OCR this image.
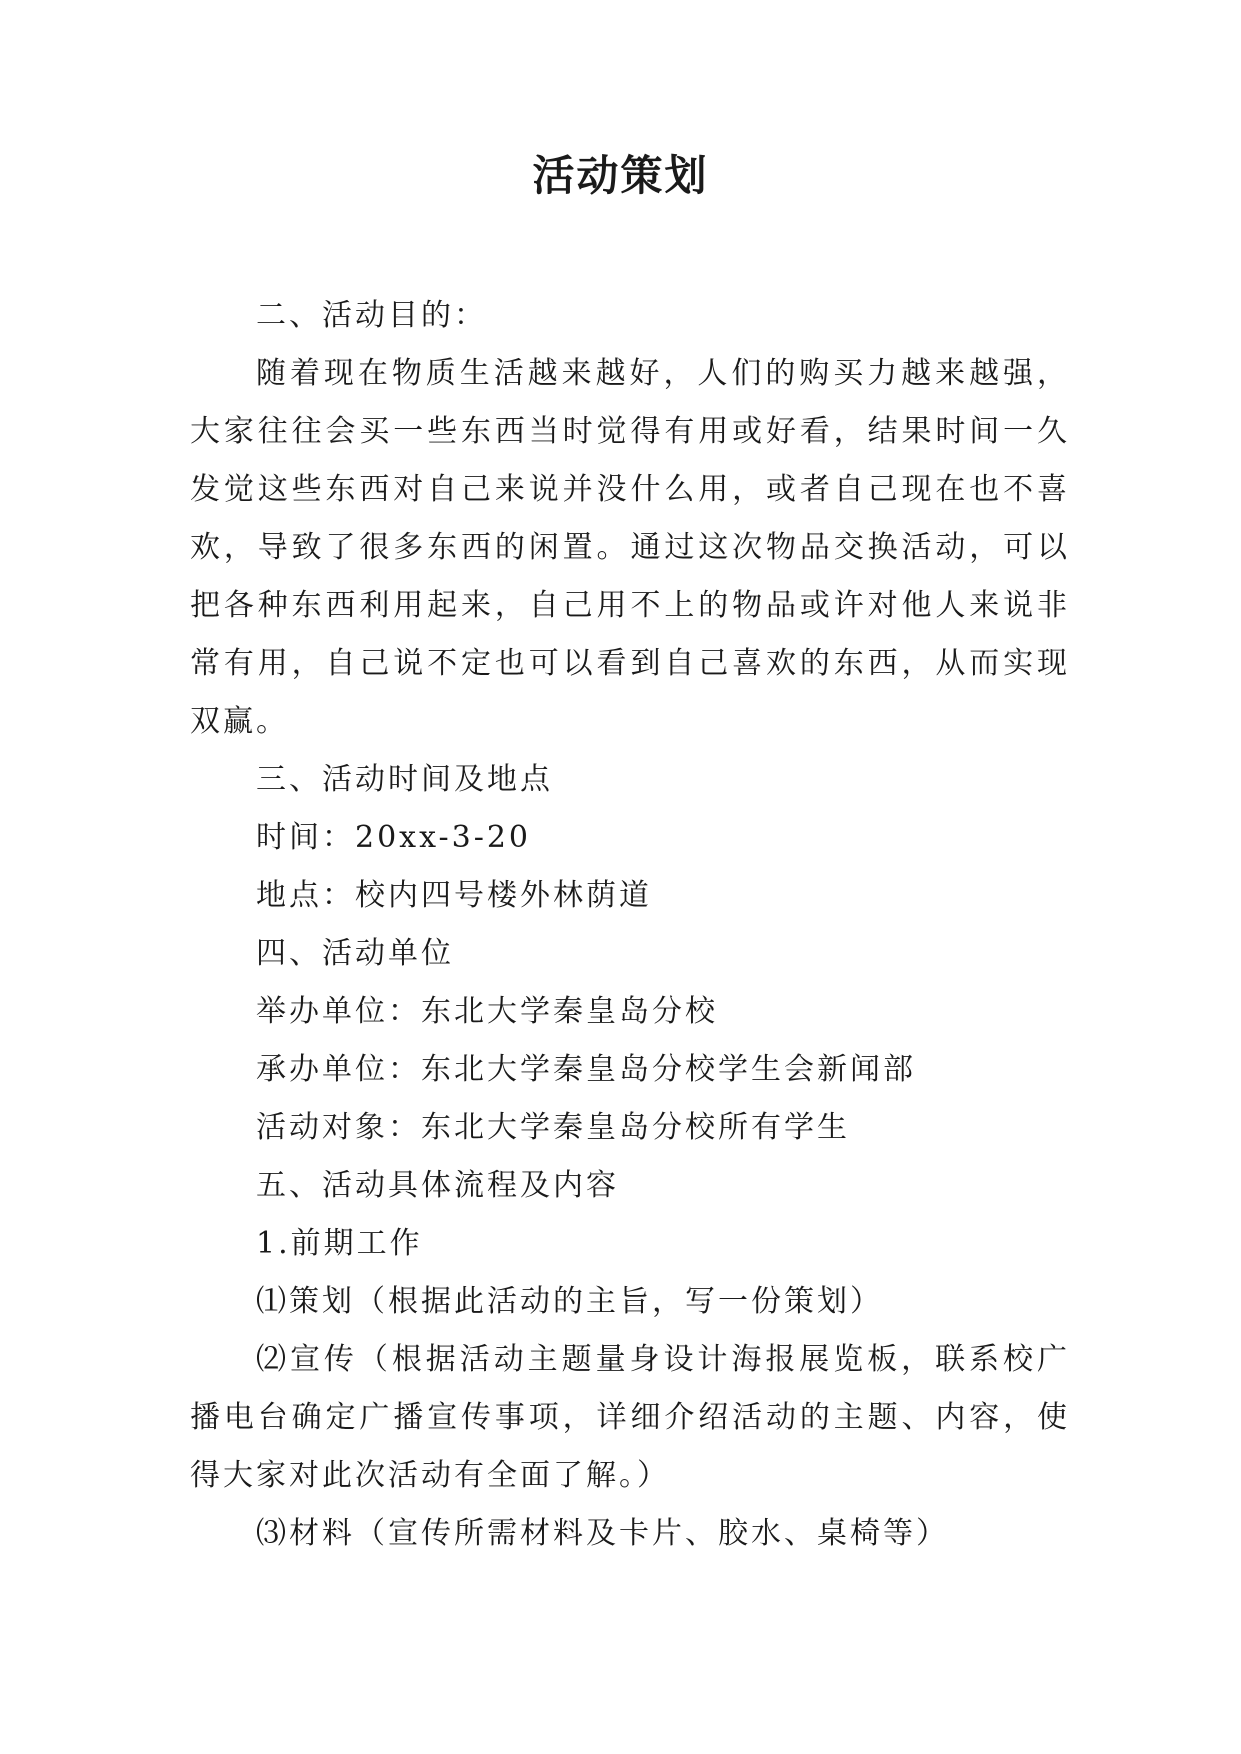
活动策划

二、活动目的：

随着现在物质生活越来越好，人们的购买力越来越强，大家往往会买一些东西当时觉得有用或好看，结果时间一久发觉这些东西对自己来说并没什么用，或者自己现在也不喜欢，导致了很多东西的闲置。通过这次物品交换活动，可以把各种东西利用起来，自己用不上的物品或许对他人来说非常有用，自己说不定也可以看到自己喜欢的东西，从而实现双赢。

三、活动时间及地点

时间：20xx-3-20

地点：校内四号楼外林荫道

四、活动单位

举办单位：东北大学秦皇岛分校

承办单位：东北大学秦皇岛分校学生会新闻部

活动对象：东北大学秦皇岛分校所有学生

五、活动具体流程及内容

1.前期工作

⑴策划（根据此活动的主旨，写一份策划）

⑵宣传（根据活动主题量身设计海报展览板，联系校广播电台确定广播宣传事项，详细介绍活动的主题、内容，使得大家对此次活动有全面了解。）

⑶材料（宣传所需材料及卡片、胶水、桌椅等）
